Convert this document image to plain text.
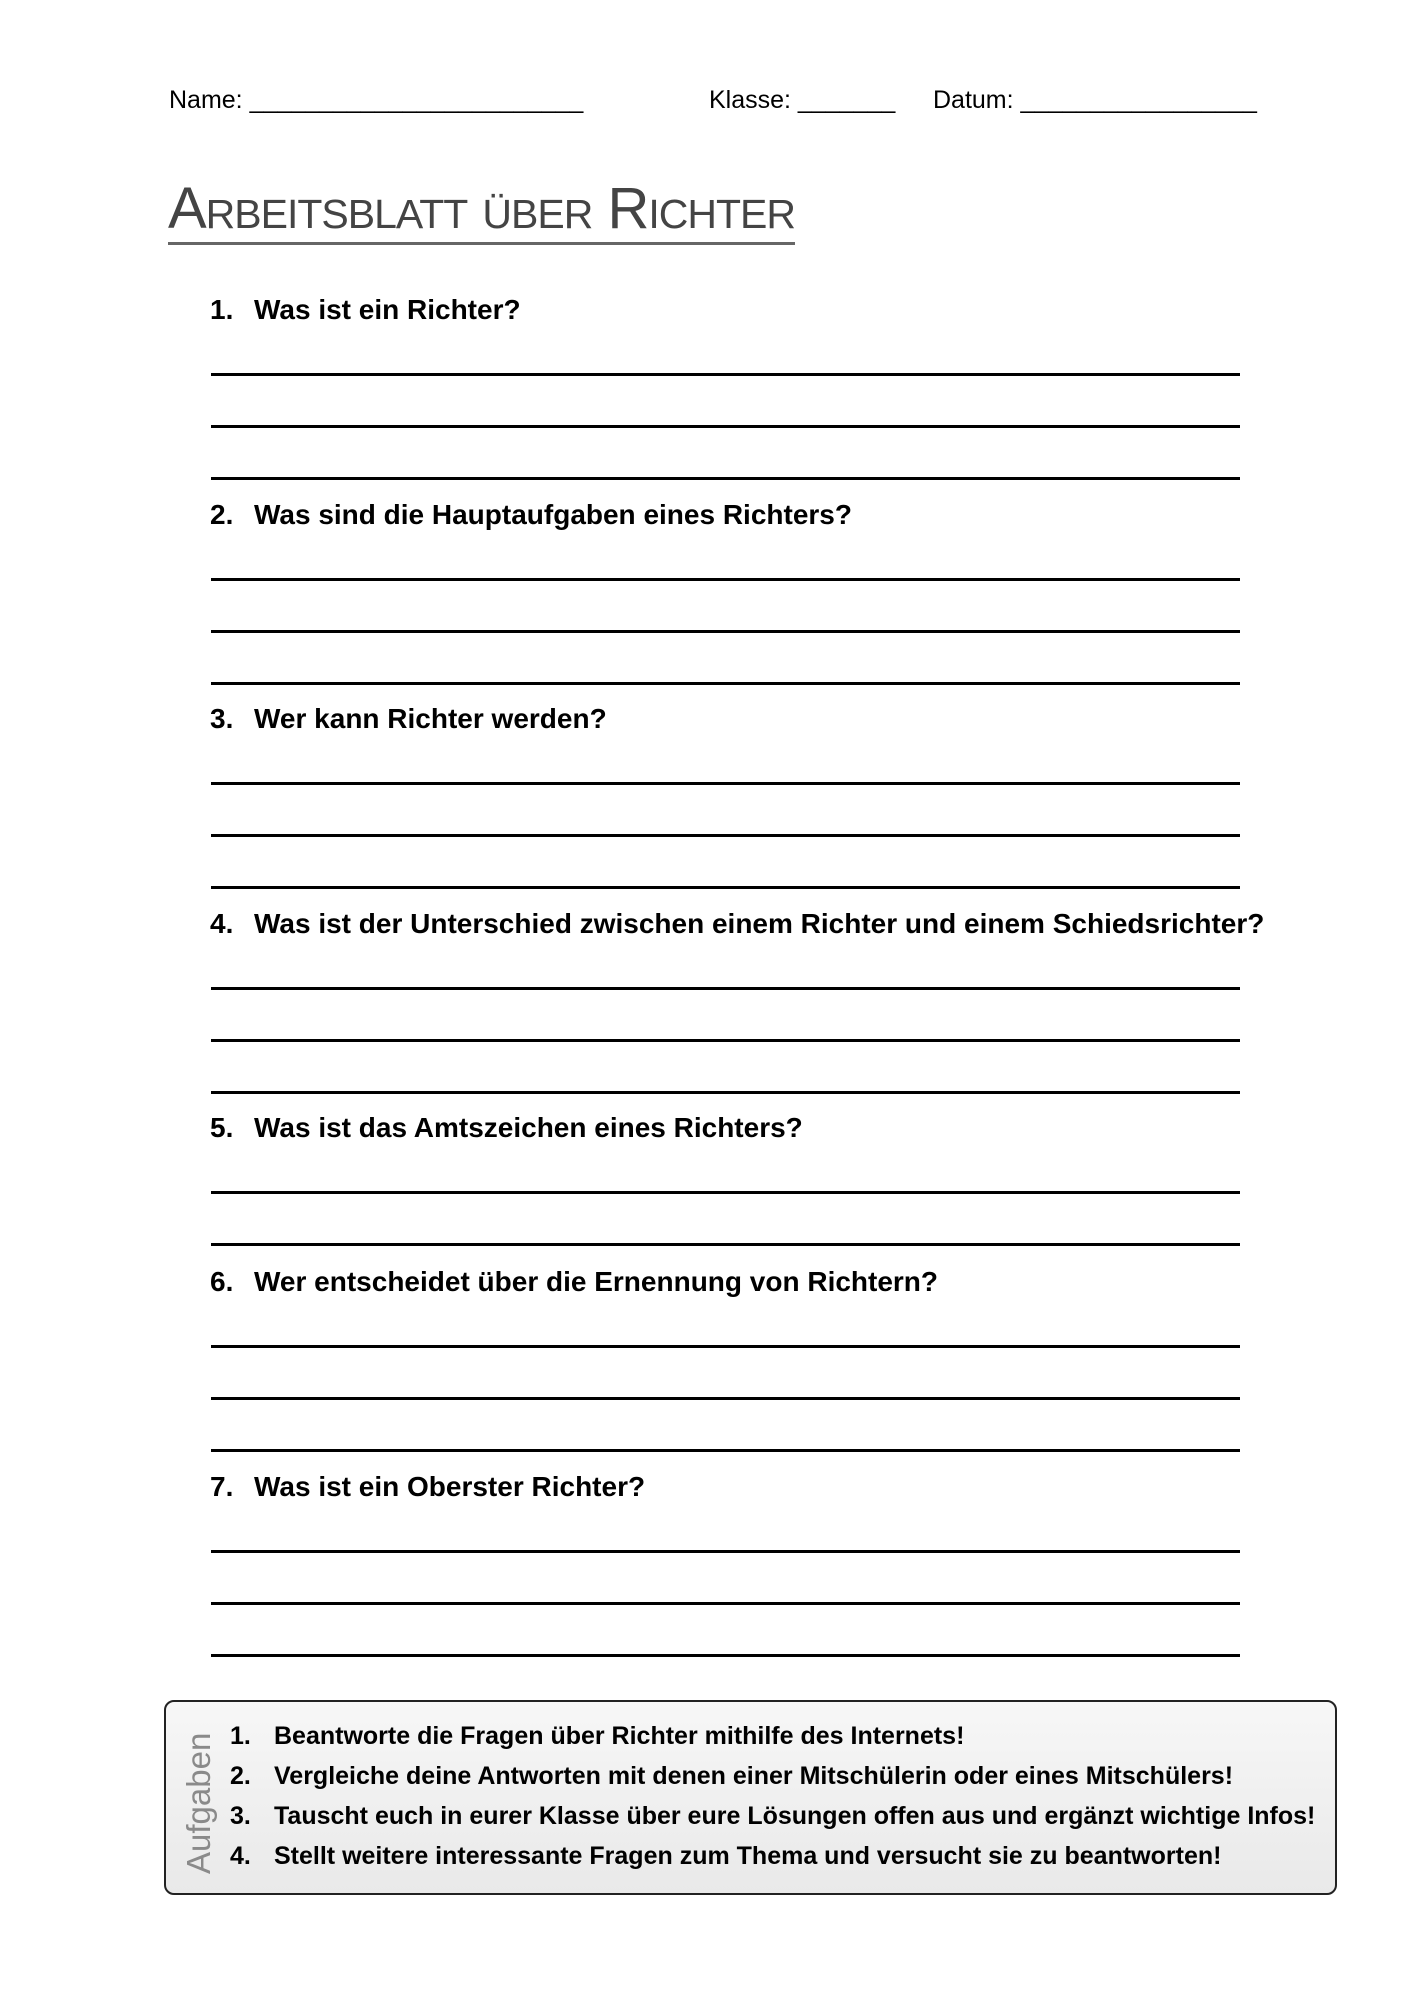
Name: ________________________	Klasse: _______ Datum: _________________
Arbeitsblatt über Richter

1. Was ist ein Richter?

2. Was sind die Hauptaufgaben eines Richters?

3. Wer kann Richter werden?

4. Was ist der Unterschied zwischen einem Richter und einem Schiedsrichter?

5. Was ist das Amtszeichen eines Richters?

6. Wer entscheidet über die Ernennung von Richtern?

7. Was ist ein Oberster Richter?

Aufgaben 1. Beantworte die Fragen über Richter mithilfe des Internets!
2. Vergleiche deine Antworten mit denen einer Mitschülerin oder eines Mitschülers!
3. Tauscht euch in eurer Klasse über eure Lösungen offen aus und ergänzt wichtige Infos!
4. Stellt weitere interessante Fragen zum Thema und versucht sie zu beantworten!
